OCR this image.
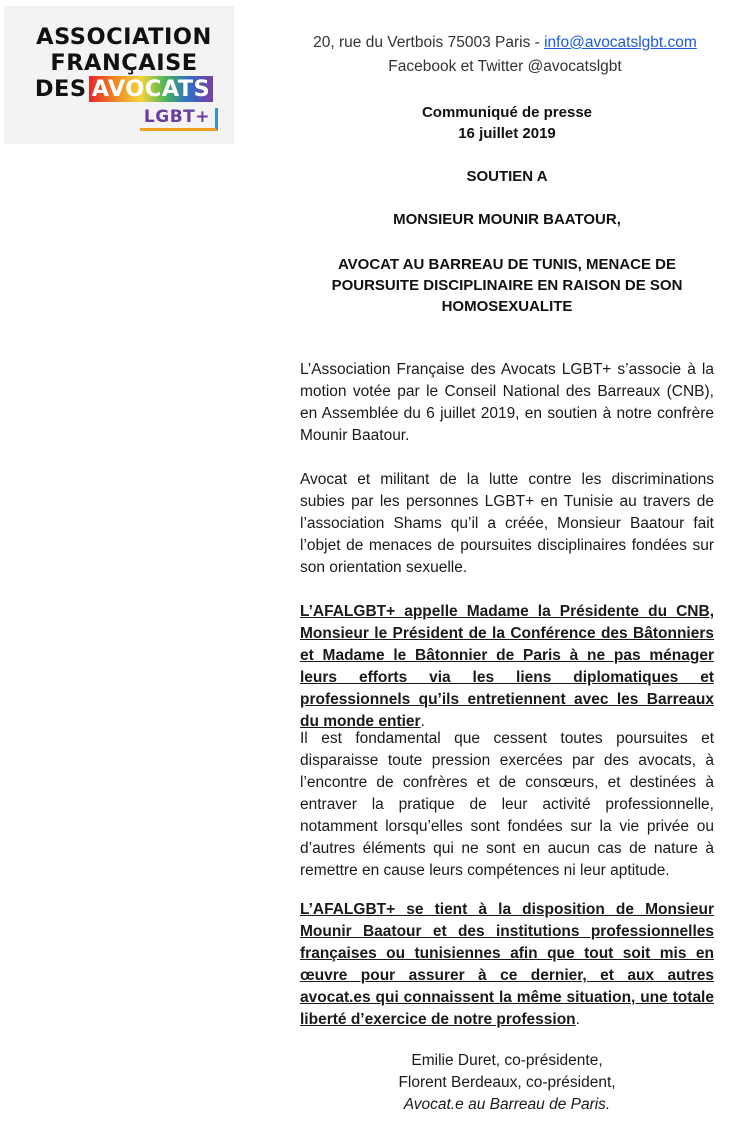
ASSOCIATION
FRANÇAISE
DES AVOCATS
LGBT+
20, rue du Vertbois 75003 Paris - info@avocatslgbt.com
Facebook et Twitter @avocatslgbt
Communiqué de presse
16 juillet 2019
SOUTIEN A
MONSIEUR MOUNIR BAATOUR,
AVOCAT AU BARREAU DE TUNIS, MENACE DE POURSUITE DISCIPLINAIRE EN RAISON DE SON HOMOSEXUALITE
L’Association Française des Avocats LGBT+ s’associe à la motion votée par le Conseil National des Barreaux (CNB), en Assemblée du 6 juillet 2019, en soutien à notre confrère Mounir Baatour.
Avocat et militant de la lutte contre les discriminations subies par les personnes LGBT+ en Tunisie au travers de l’association Shams qu’il a créée, Monsieur Baatour fait l’objet de menaces de poursuites disciplinaires fondées sur son orientation sexuelle.
L’AFALGBT+ appelle Madame la Présidente du CNB, Monsieur le Président de la Conférence des Bâtonniers et Madame le Bâtonnier de Paris à ne pas ménager leurs efforts via les liens diplomatiques et professionnels qu’ils entretiennent avec les Barreaux du monde entier.
Il est fondamental que cessent toutes poursuites et disparaisse toute pression exercées par des avocats, à l’encontre de confrères et de consœurs, et destinées à entraver la pratique de leur activité professionnelle, notamment lorsqu’elles sont fondées sur la vie privée ou d’autres éléments qui ne sont en aucun cas de nature à remettre en cause leurs compétences ni leur aptitude.
L’AFALGBT+ se tient à la disposition de Monsieur Mounir Baatour et des institutions professionnelles françaises ou tunisiennes afin que tout soit mis en œuvre pour assurer à ce dernier, et aux autres avocat.es qui connaissent la même situation, une totale liberté d’exercice de notre profession.
Emilie Duret, co-présidente,
Florent Berdeaux, co-président,
Avocat.e au Barreau de Paris.
